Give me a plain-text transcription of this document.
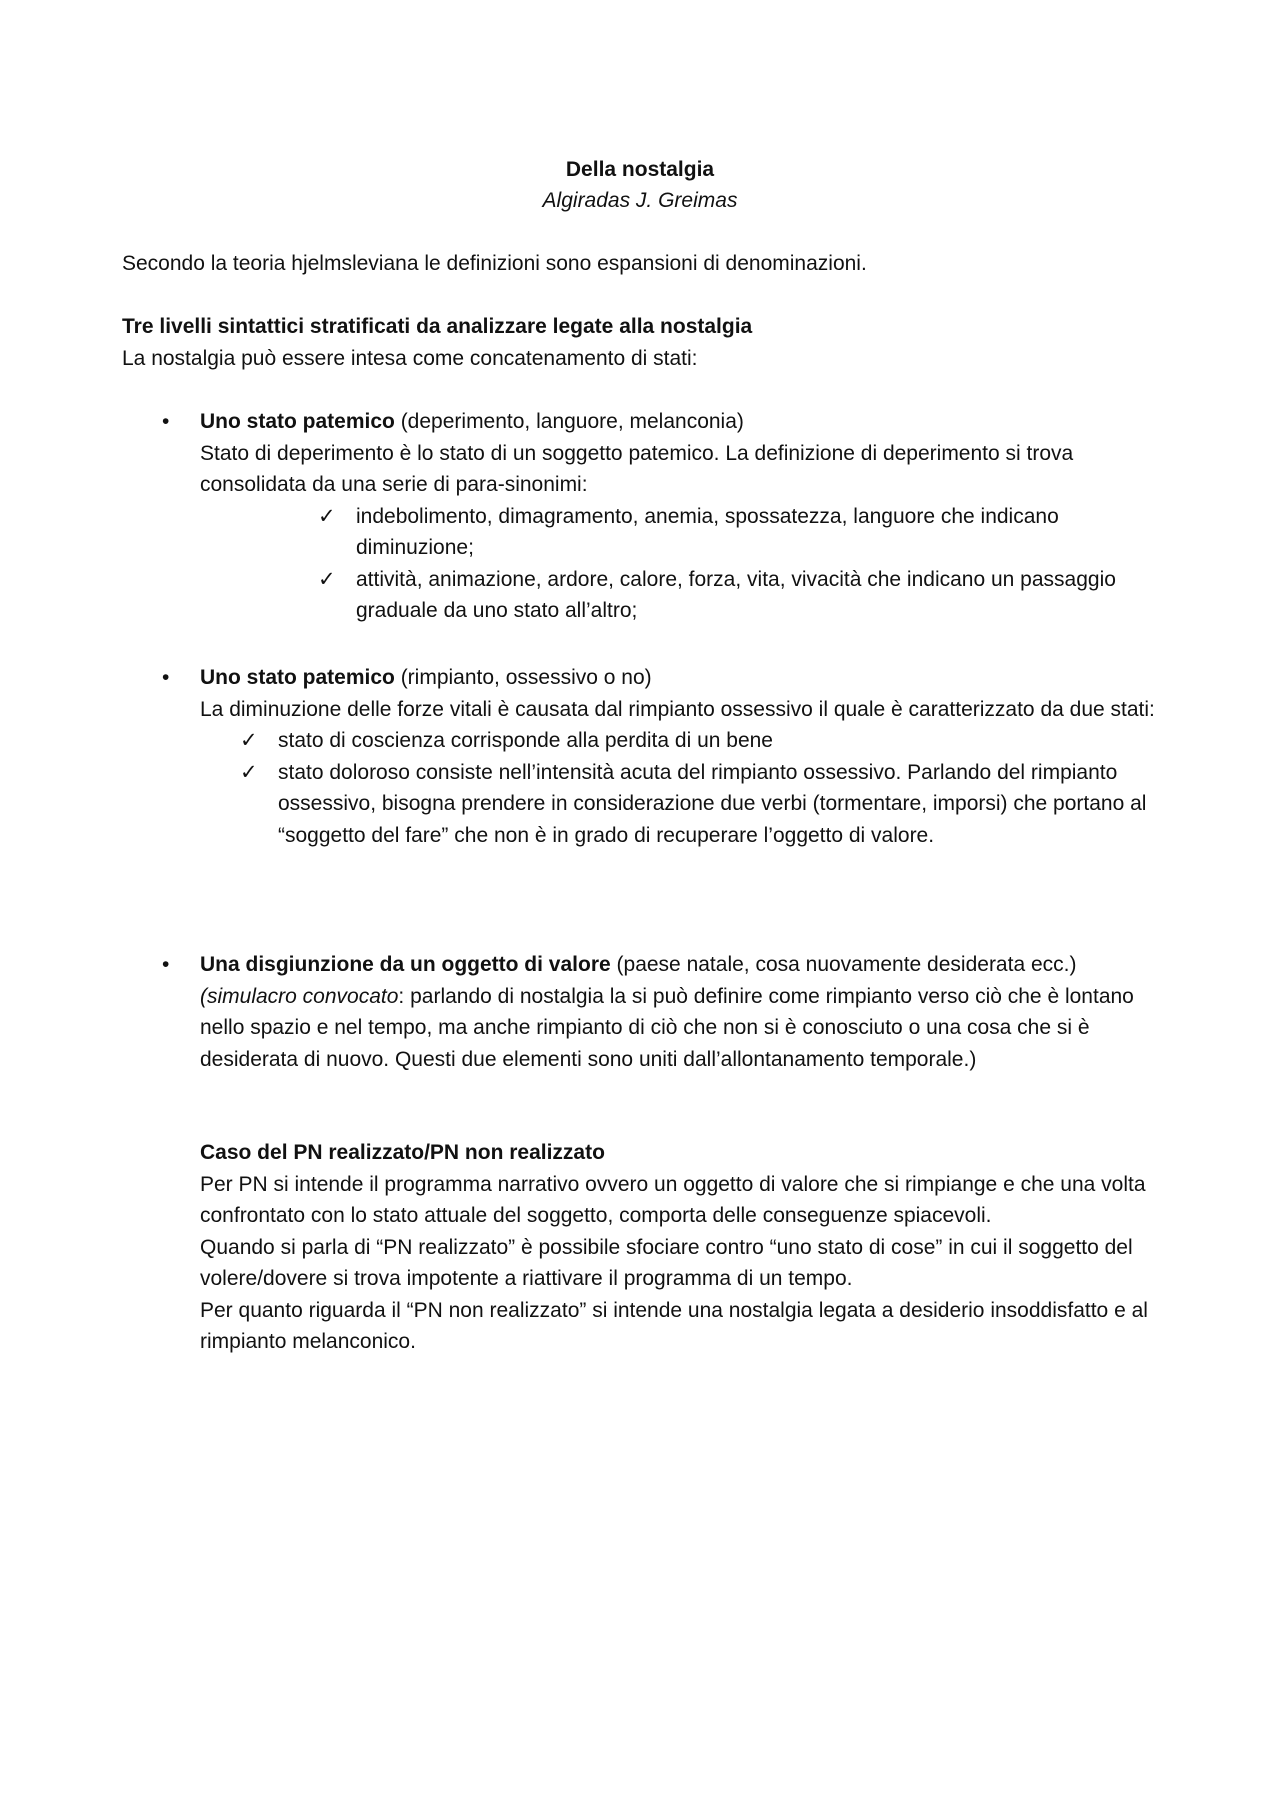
Della nostalgia
Algiradas J. Greimas

Secondo la teoria hjelmsleviana le definizioni sono espansioni di denominazioni.

Tre livelli sintattici stratificati da analizzare legate alla nostalgia

La nostalgia può essere intesa come concatenamento di stati:

•	Uno stato patemico (deperimento, languore, melanconia)

Stato di deperimento è lo stato di un soggetto patemico. La definizione di deperimento si trova consolidata da una serie di para-sinonimi:

✓ indebolimento, dimagramento, anemia, spossatezza, languore che indicano diminuzione;
✓ attività, animazione, ardore, calore, forza, vita, vivacità che indicano un passaggio graduale da uno stato all’altro;
•	Uno stato patemico (rimpianto, ossessivo o no)

La diminuzione delle forze vitali è causata dal rimpianto ossessivo il quale è caratterizzato da due stati:

✓ stato di coscienza corrisponde alla perdita di un bene
✓ stato doloroso consiste nell’intensità acuta del rimpianto ossessivo. Parlando del rimpianto ossessivo, bisogna prendere in considerazione due verbi (tormentare, imporsi) che portano al “soggetto del fare” che non è in grado di recuperare l’oggetto di valore.
•	Una disgiunzione da un oggetto di valore (paese natale, cosa nuovamente desiderata ecc.)

(simulacro convocato: parlando di nostalgia la si può definire come rimpianto verso ciò che è lontano nello spazio e nel tempo, ma anche rimpianto di ciò che non si è conosciuto o una cosa che si è desiderata di nuovo. Questi due elementi sono uniti dall’allontanamento temporale.)

Caso del PN realizzato/PN non realizzato

Per PN si intende il programma narrativo ovvero un oggetto di valore che si rimpiange e che una volta confrontato con lo stato attuale del soggetto, comporta delle conseguenze spiacevoli.

Quando si parla di “PN realizzato” è possibile sfociare contro “uno stato di cose” in cui il soggetto del volere/dovere si trova impotente a riattivare il programma di un tempo.

Per quanto riguarda il “PN non realizzato” si intende una nostalgia legata a desiderio insoddisfatto e al rimpianto melanconico.
